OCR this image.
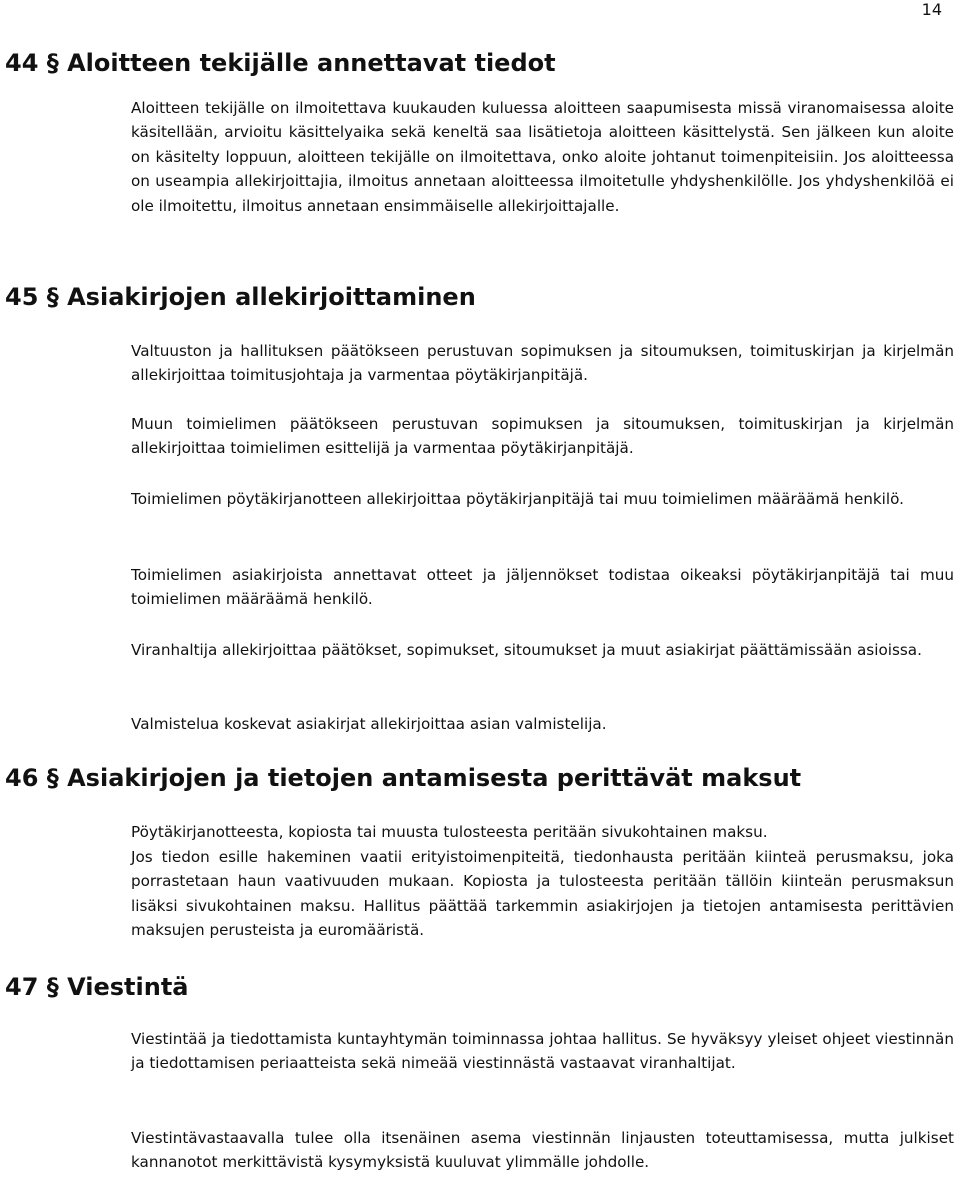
14
44 § Aloitteen tekijälle annettavat tiedot

Aloitteen tekijälle on ilmoitettava kuukauden kuluessa aloitteen saapumisesta missä viranomaisessa aloite käsitellään, arvioitu käsittelyaika sekä keneltä saa lisätietoja aloitteen käsittelystä. Sen jälkeen kun aloite on käsitelty loppuun, aloitteen tekijälle on ilmoitettava, onko aloite johtanut toimenpiteisiin. Jos aloitteessa on useampia allekirjoittajia, ilmoitus annetaan aloitteessa ilmoitetulle yhdyshenkilölle. Jos yhdyshenkilöä ei ole ilmoitettu, ilmoitus annetaan ensimmäiselle allekirjoittajalle.

45 § Asiakirjojen allekirjoittaminen

Valtuuston ja hallituksen päätökseen perustuvan sopimuksen ja sitoumuksen, toimituskirjan ja kirjelmän allekirjoittaa toimitusjohtaja ja varmentaa pöytäkirjanpitäjä.

Muun toimielimen päätökseen perustuvan sopimuksen ja sitoumuksen, toimituskirjan ja kirjelmän allekirjoittaa toimielimen esittelijä ja varmentaa pöytäkirjanpitäjä.

Toimielimen pöytäkirjanotteen allekirjoittaa pöytäkirjanpitäjä tai muu toimielimen määräämä henkilö.

Toimielimen asiakirjoista annettavat otteet ja jäljennökset todistaa oikeaksi pöytäkirjanpitäjä tai muu toimielimen määräämä henkilö.

Viranhaltija allekirjoittaa päätökset, sopimukset, sitoumukset ja muut asiakirjat päättämissään asioissa.

Valmistelua koskevat asiakirjat allekirjoittaa asian valmistelija.

46 § Asiakirjojen ja tietojen antamisesta perittävät maksut

Pöytäkirjanotteesta, kopiosta tai muusta tulosteesta peritään sivukohtainen maksu.

Jos tiedon esille hakeminen vaatii erityistoimenpiteitä, tiedonhausta peritään kiinteä perusmaksu, joka porrastetaan haun vaativuuden mukaan. Kopiosta ja tulosteesta peritään tällöin kiinteän perusmaksun lisäksi sivukohtainen maksu. Hallitus päättää tarkemmin asiakirjojen ja tietojen antamisesta perittävien maksujen perusteista ja euromääristä.

47 § Viestintä

Viestintää ja tiedottamista kuntayhtymän toiminnassa johtaa hallitus. Se hyväksyy yleiset ohjeet viestinnän ja tiedottamisen periaatteista sekä nimeää viestinnästä vastaavat viranhaltijat.

Viestintävastaavalla tulee olla itsenäinen asema viestinnän linjausten toteuttamisessa, mutta julkiset kannanotot merkittävistä kysymyksistä kuuluvat ylimmälle johdolle.
